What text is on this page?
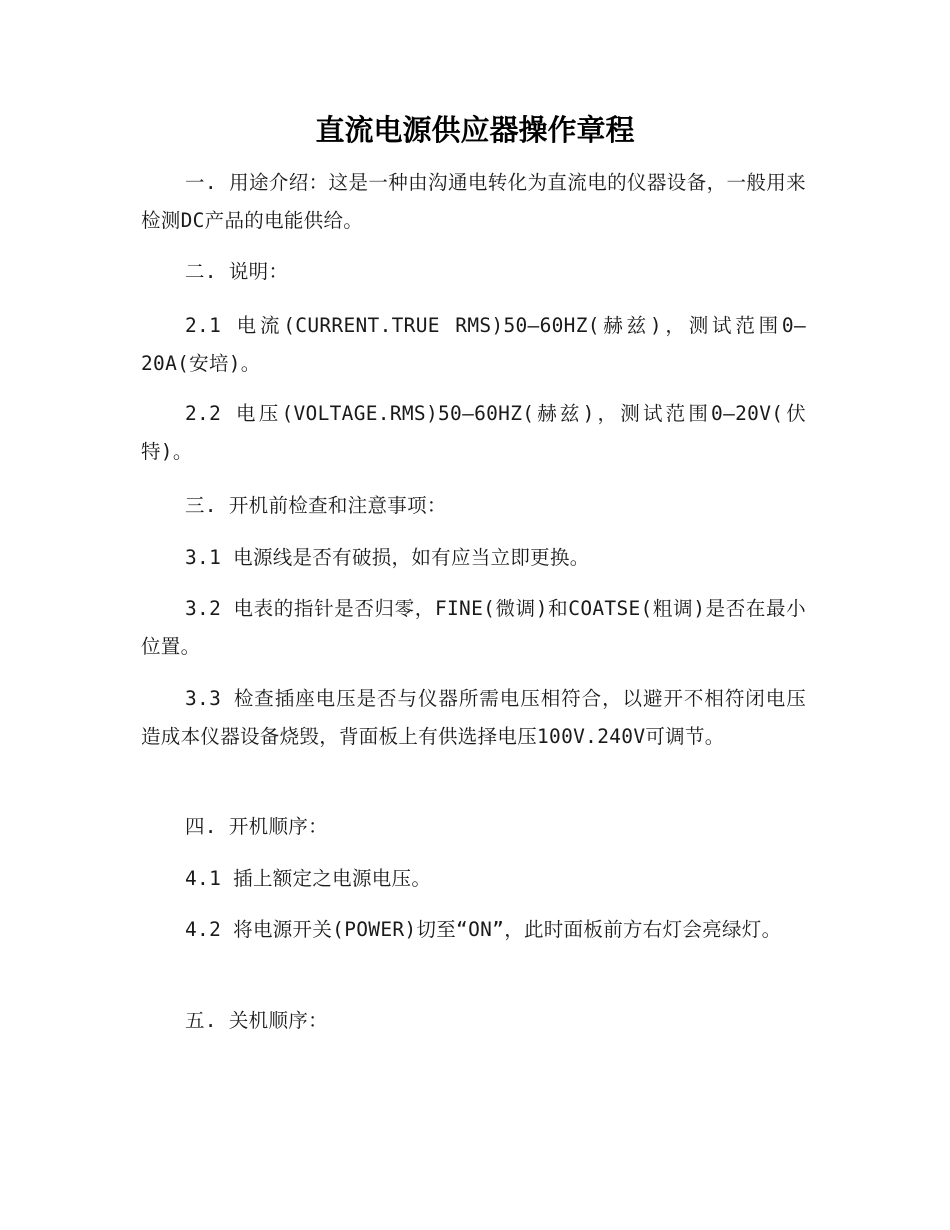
直流电源供应器操作章程

一. 用途介绍：这是一种由沟通电转化为直流电的仪器设备，一般用来检测DC产品的电能供给。

二. 说明：

2.1 电流(CURRENT.TRUE RMS)50–60HZ(赫兹)，测试范围0–20A(安培)。

2.2 电压(VOLTAGE.RMS)50–60HZ(赫兹)，测试范围0–20V(伏特)。

三. 开机前检查和注意事项：

3.1 电源线是否有破损，如有应当立即更换。

3.2 电表的指针是否归零，FINE(微调)和COATSE(粗调)是否在最小位置。

3.3 检查插座电压是否与仪器所需电压相符合，以避开不相符闭电压造成本仪器设备烧毁，背面板上有供选择电压100V.240V可调节。

四. 开机顺序：

4.1 插上额定之电源电压。

4.2 将电源开关(POWER)切至“ON”，此时面板前方右灯会亮绿灯。

五. 关机顺序：
